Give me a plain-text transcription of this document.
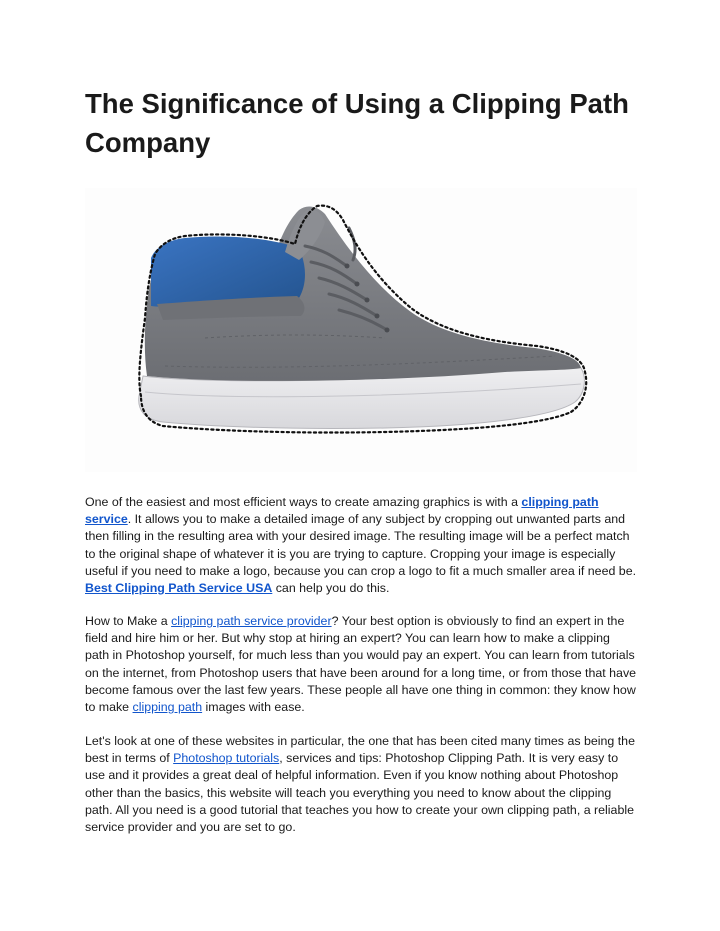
The Significance of Using a Clipping Path Company

One of the easiest and most efficient ways to create amazing graphics is with a clipping path service. It allows you to make a detailed image of any subject by cropping out unwanted parts and then filling in the resulting area with your desired image. The resulting image will be a perfect match to the original shape of whatever it is you are trying to capture. Cropping your image is especially useful if you need to make a logo, because you can crop a logo to fit a much smaller area if need be. Best Clipping Path Service USA can help you do this.

How to Make a clipping path service provider? Your best option is obviously to find an expert in the field and hire him or her. But why stop at hiring an expert? You can learn how to make a clipping path in Photoshop yourself, for much less than you would pay an expert. You can learn from tutorials on the internet, from Photoshop users that have been around for a long time, or from those that have become famous over the last few years. These people all have one thing in common: they know how to make clipping path images with ease.

Let's look at one of these websites in particular, the one that has been cited many times as being the best in terms of Photoshop tutorials, services and tips: Photoshop Clipping Path. It is very easy to use and it provides a great deal of helpful information. Even if you know nothing about Photoshop other than the basics, this website will teach you everything you need to know about the clipping path. All you need is a good tutorial that teaches you how to create your own clipping path, a reliable service provider and you are set to go.
